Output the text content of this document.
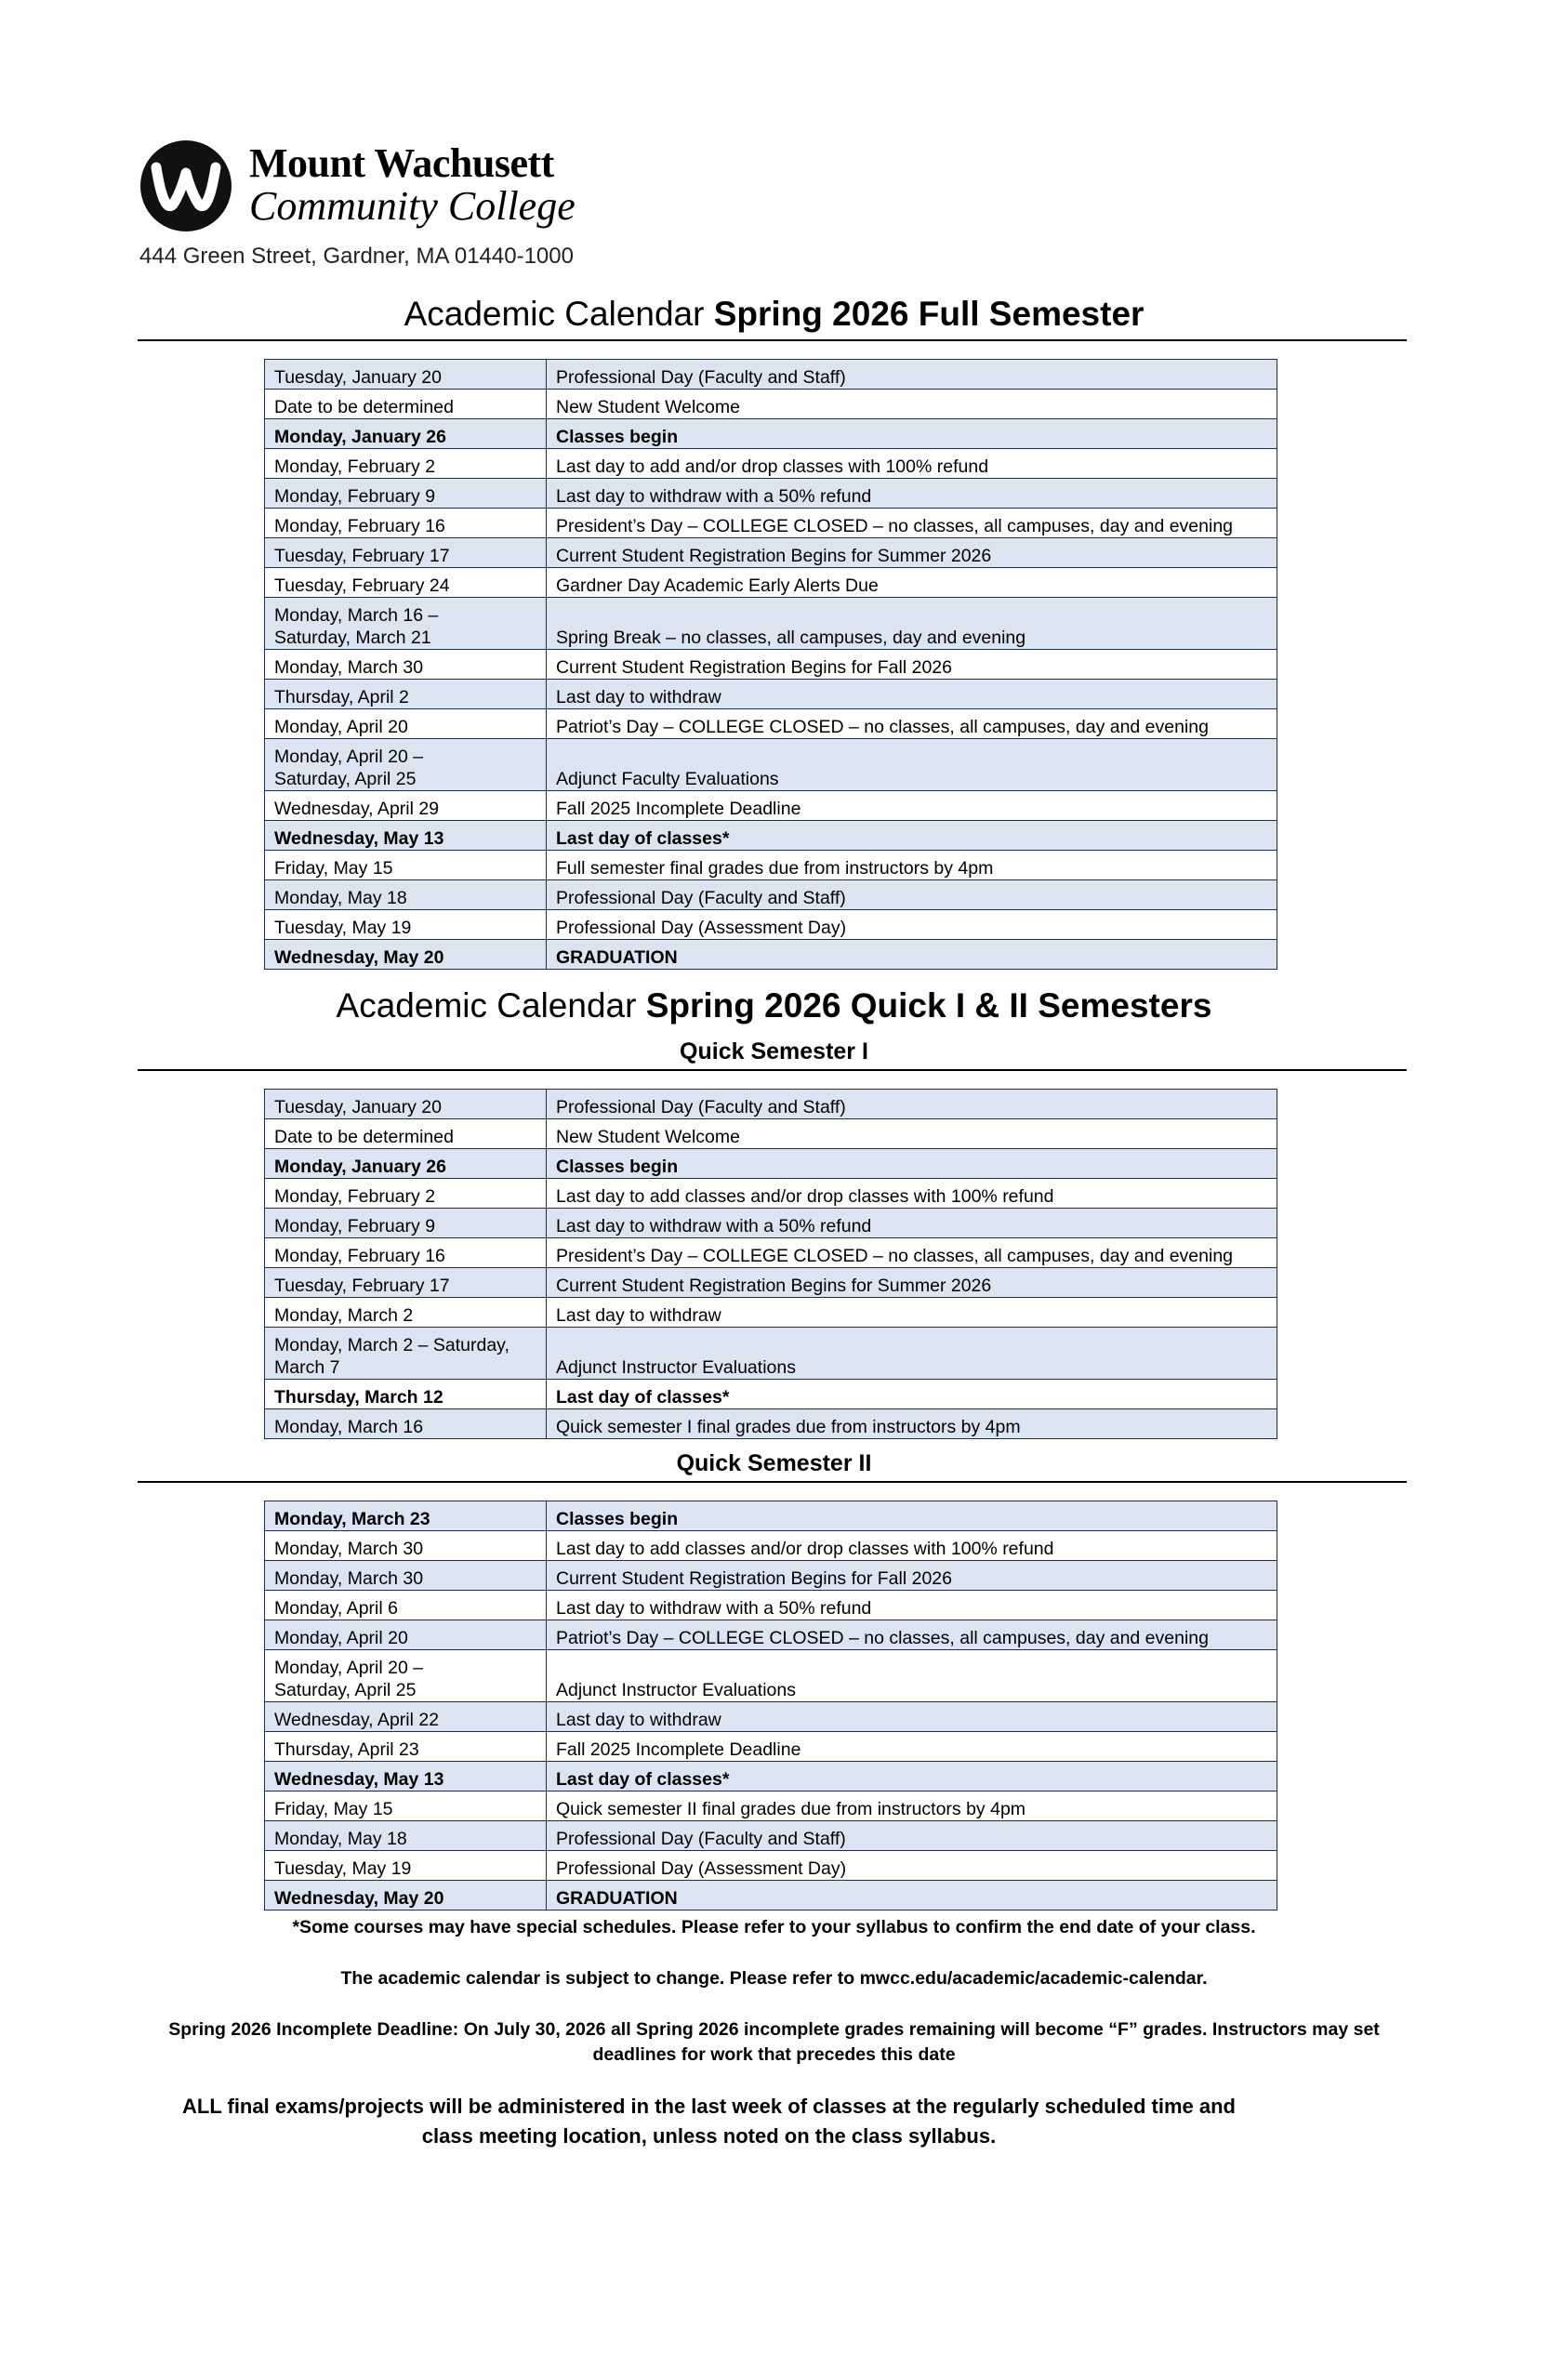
Mount Wachusett
Community College
444 Green Street, Gardner, MA 01440-1000
Academic Calendar Spring 2026 Full Semester
Tuesday, January 20	Professional Day (Faculty and Staff)
Date to be determined	New Student Welcome
Monday, January 26	Classes begin
Monday, February 2	Last day to add and/or drop classes with 100% refund
Monday, February 9	Last day to withdraw with a 50% refund
Monday, February 16	President’s Day – COLLEGE CLOSED – no classes, all campuses, day and evening
Tuesday, February 17	Current Student Registration Begins for Summer 2026
Tuesday, February 24	Gardner Day Academic Early Alerts Due
Monday, March 16 –
Saturday, March 21	Spring Break – no classes, all campuses, day and evening
Monday, March 30	Current Student Registration Begins for Fall 2026
Thursday, April 2	Last day to withdraw
Monday, April 20	Patriot’s Day – COLLEGE CLOSED – no classes, all campuses, day and evening
Monday, April 20 –
Saturday, April 25	Adjunct Faculty Evaluations
Wednesday, April 29	Fall 2025 Incomplete Deadline
Wednesday, May 13	Last day of classes*
Friday, May 15	Full semester final grades due from instructors by 4pm
Monday, May 18	Professional Day (Faculty and Staff)
Tuesday, May 19	Professional Day (Assessment Day)
Wednesday, May 20	GRADUATION
Academic Calendar Spring 2026 Quick I & II Semesters
Quick Semester I
Tuesday, January 20	Professional Day (Faculty and Staff)
Date to be determined	New Student Welcome
Monday, January 26	Classes begin
Monday, February 2	Last day to add classes and/or drop classes with 100% refund
Monday, February 9	Last day to withdraw with a 50% refund
Monday, February 16	President’s Day – COLLEGE CLOSED – no classes, all campuses, day and evening
Tuesday, February 17	Current Student Registration Begins for Summer 2026
Monday, March 2	Last day to withdraw
Monday, March 2 – Saturday,
March 7	Adjunct Instructor Evaluations
Thursday, March 12	Last day of classes*
Monday, March 16	Quick semester I final grades due from instructors by 4pm
Quick Semester II
Monday, March 23	Classes begin
Monday, March 30	Last day to add classes and/or drop classes with 100% refund
Monday, March 30	Current Student Registration Begins for Fall 2026
Monday, April 6	Last day to withdraw with a 50% refund
Monday, April 20	Patriot’s Day – COLLEGE CLOSED – no classes, all campuses, day and evening
Monday, April 20 –
Saturday, April 25	Adjunct Instructor Evaluations
Wednesday, April 22	Last day to withdraw
Thursday, April 23	Fall 2025 Incomplete Deadline
Wednesday, May 13	Last day of classes*
Friday, May 15	Quick semester II final grades due from instructors by 4pm
Monday, May 18	Professional Day (Faculty and Staff)
Tuesday, May 19	Professional Day (Assessment Day)
Wednesday, May 20	GRADUATION
*Some courses may have special schedules. Please refer to your syllabus to confirm the end date of your class.
The academic calendar is subject to change. Please refer to mwcc.edu/academic/academic-calendar.
Spring 2026 Incomplete Deadline: On July 30, 2026 all Spring 2026 incomplete grades remaining will become “F” grades. Instructors may set
deadlines for work that precedes this date
ALL final exams/projects will be administered in the last week of classes at the regularly scheduled time and
class meeting location, unless noted on the class syllabus.
